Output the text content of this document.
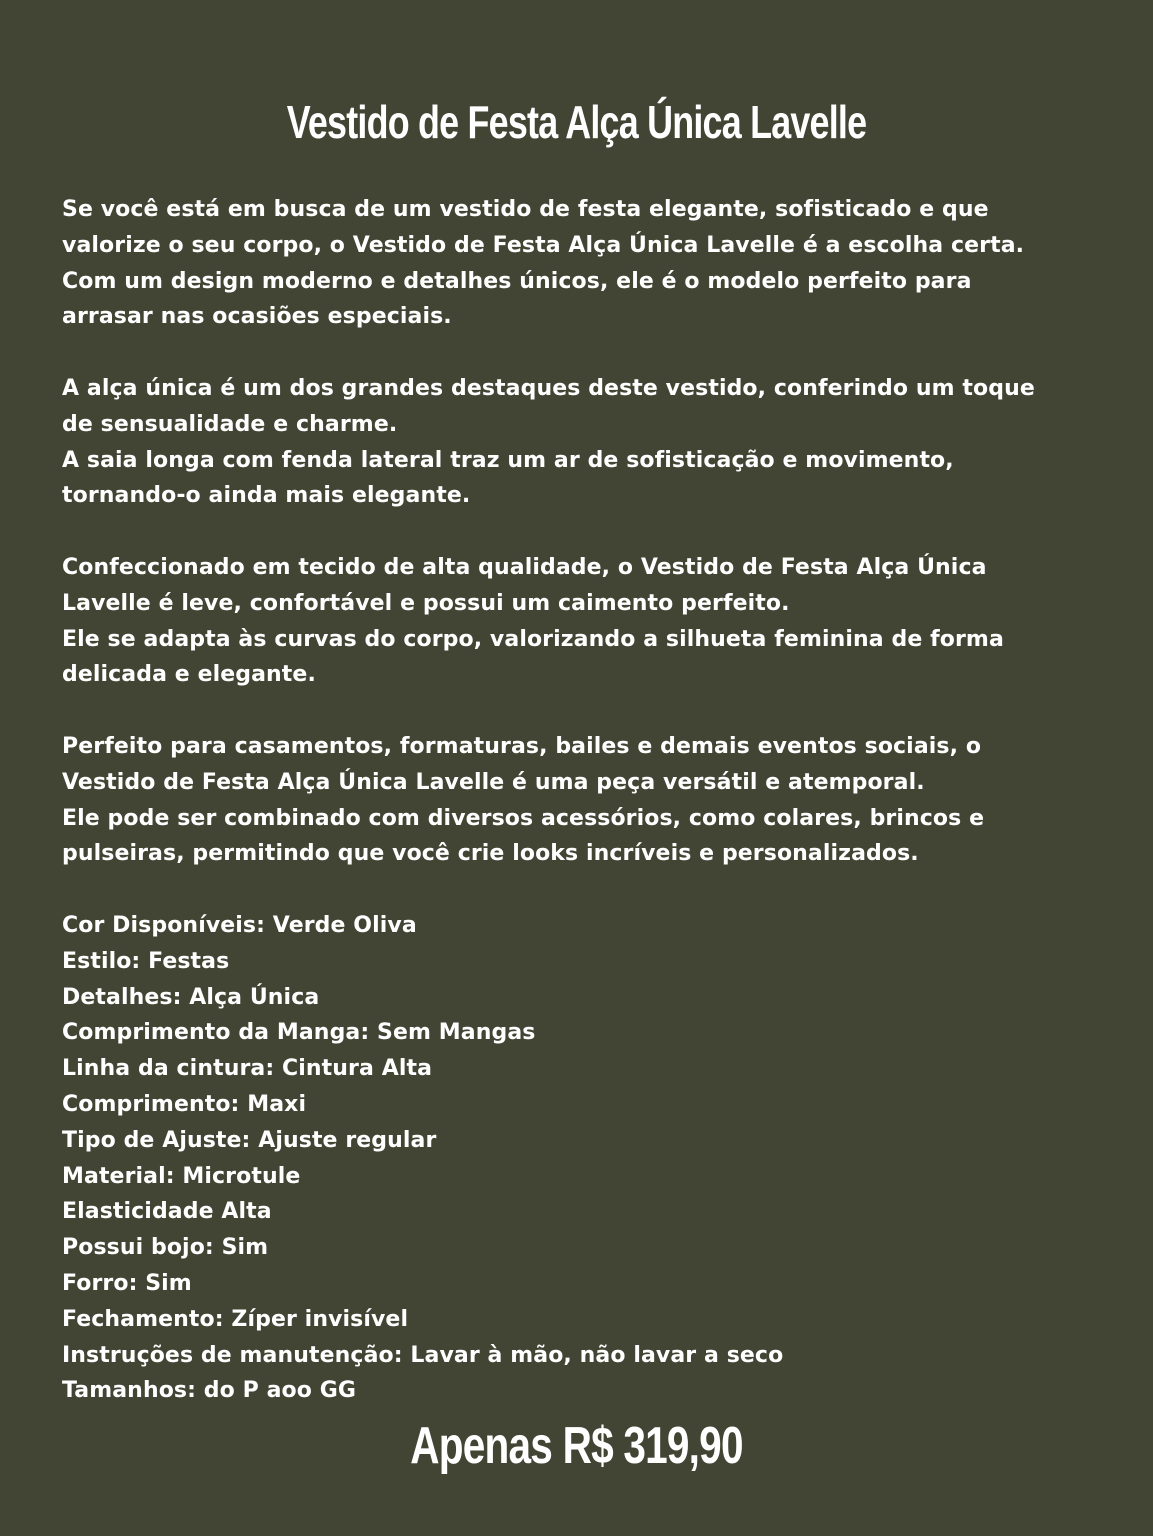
Vestido de Festa Alça Única Lavelle

Se você está em busca de um vestido de festa elegante, sofisticado e que
valorize o seu corpo, o Vestido de Festa Alça Única Lavelle é a escolha certa.
Com um design moderno e detalhes únicos, ele é o modelo perfeito para
arrasar nas ocasiões especiais.

A alça única é um dos grandes destaques deste vestido, conferindo um toque
de sensualidade e charme.
A saia longa com fenda lateral traz um ar de sofisticação e movimento,
tornando-o ainda mais elegante.

Confeccionado em tecido de alta qualidade, o Vestido de Festa Alça Única
Lavelle é leve, confortável e possui um caimento perfeito.
Ele se adapta às curvas do corpo, valorizando a silhueta feminina de forma
delicada e elegante.

Perfeito para casamentos, formaturas, bailes e demais eventos sociais, o
Vestido de Festa Alça Única Lavelle é uma peça versátil e atemporal.
Ele pode ser combinado com diversos acessórios, como colares, brincos e
pulseiras, permitindo que você crie looks incríveis e personalizados.

Cor Disponíveis: Verde Oliva
Estilo: Festas
Detalhes: Alça Única
Comprimento da Manga: Sem Mangas
Linha da cintura: Cintura Alta
Comprimento: Maxi
Tipo de Ajuste: Ajuste regular
Material: Microtule
Elasticidade Alta
Possui bojo: Sim
Forro: Sim
Fechamento: Zíper invisível
Instruções de manutenção: Lavar à mão, não lavar a seco
Tamanhos: do P aoo GG
Apenas R$ 319,90
